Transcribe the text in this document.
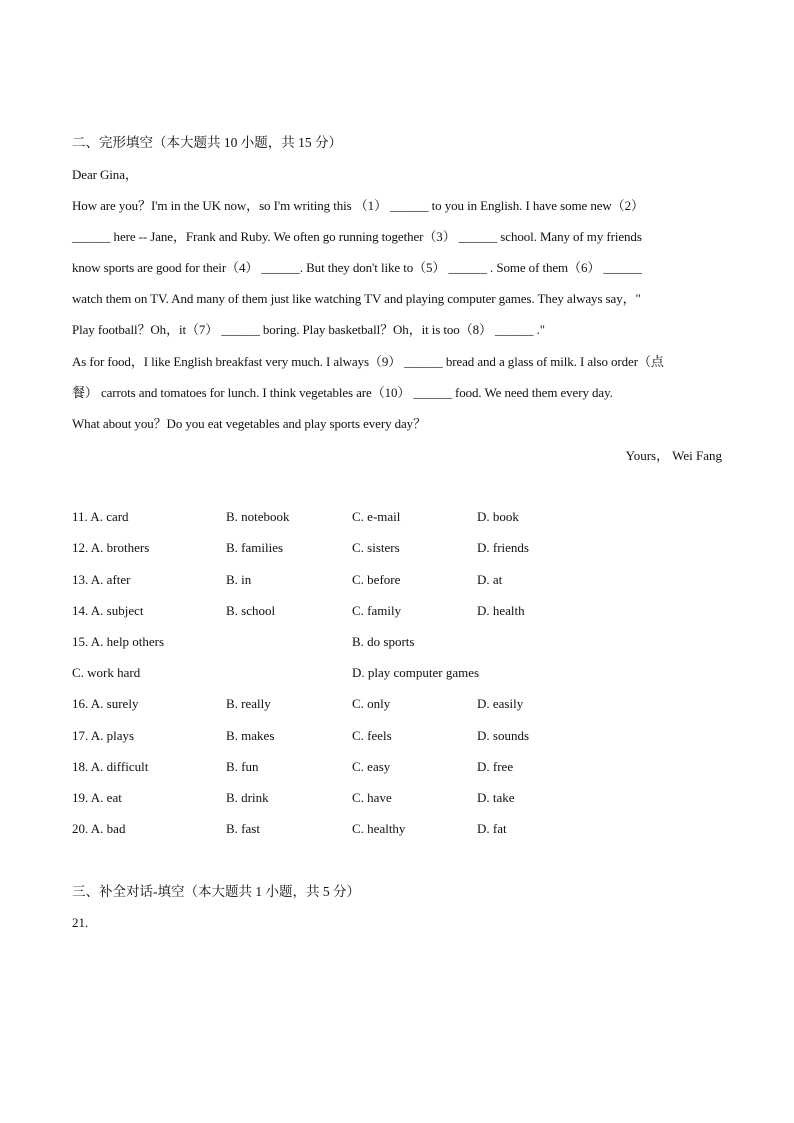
二、完形填空（本大题共 10 小题，共 15 分）
Dear Gina，
How are you？I'm in the UK now，so I'm writing this （1） ______ to you in English. I have some new（2）
______ here -- Jane，Frank and Ruby. We often go running together（3） ______ school. Many of my friends
know sports are good for their（4） ______. But they don't like to（5） ______ . Some of them（6） ______
watch them on TV. And many of them just like watching TV and playing computer games. They always say，"
Play football？Oh，it（7） ______ boring. Play basketball？Oh，it is too（8） ______ ."
As for food，I like English breakfast very much. I always（9） ______ bread and a glass of milk. I also order（点
餐） carrots and tomatoes for lunch. I think vegetables are（10） ______ food. We need them every day.
What about you？Do you eat vegetables and play sports every day？
Yours， Wei Fang
11. A. card	B. notebook	C. e-mail	D. book
12. A. brothers	B. families	C. sisters	D. friends
13. A. after	B. in	C. before	D. at
14. A. subject	B. school	C. family	D. health
15. A. help others	B. do sports
C. work hard	D. play computer games
16. A. surely	B. really	C. only	D. easily
17. A. plays	B. makes	C. feels	D. sounds
18. A. difficult	B. fun	C. easy	D. free
19. A. eat	B. drink	C. have	D. take
20. A. bad	B. fast	C. healthy	D. fat
三、补全对话-填空（本大题共 1 小题，共 5 分）
21.
